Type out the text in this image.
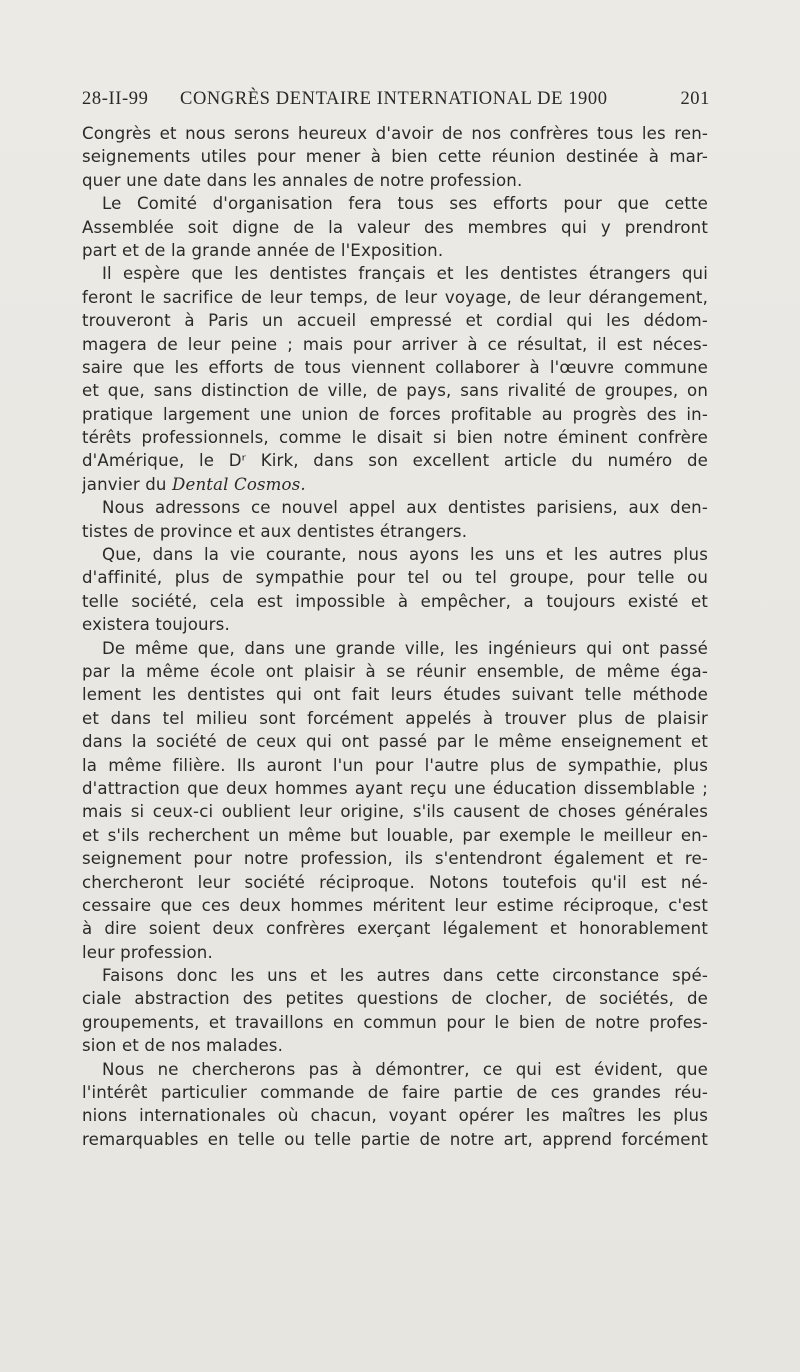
28-II-99 CONGRÈS DENTAIRE INTERNATIONAL DE 1900	201
Congrès et nous serons heureux d'avoir de nos confrères tous les ren-
seignements utiles pour mener à bien cette réunion destinée à mar-
quer une date dans les annales de notre profession.
Le Comité d'organisation fera tous ses efforts pour que cette
Assemblée soit digne de la valeur des membres qui y prendront
part et de la grande année de l'Exposition.
Il espère que les dentistes français et les dentistes étrangers qui
feront le sacrifice de leur temps, de leur voyage, de leur dérangement,
trouveront à Paris un accueil empressé et cordial qui les dédom-
magera de leur peine ; mais pour arriver à ce résultat, il est néces-
saire que les efforts de tous viennent collaborer à l'œuvre commune
et que, sans distinction de ville, de pays, sans rivalité de groupes, on
pratique largement une union de forces profitable au progrès des in-
térêts professionnels, comme le disait si bien notre éminent confrère
d'Amérique, le Dʳ Kirk, dans son excellent article du numéro de
janvier du Dental Cosmos.
Nous adressons ce nouvel appel aux dentistes parisiens, aux den-
tistes de province et aux dentistes étrangers.
Que, dans la vie courante, nous ayons les uns et les autres plus
d'affinité, plus de sympathie pour tel ou tel groupe, pour telle ou
telle société, cela est impossible à empêcher, a toujours existé et
existera toujours.
De même que, dans une grande ville, les ingénieurs qui ont passé
par la même école ont plaisir à se réunir ensemble, de même éga-
lement les dentistes qui ont fait leurs études suivant telle méthode
et dans tel milieu sont forcément appelés à trouver plus de plaisir
dans la société de ceux qui ont passé par le même enseignement et
la même filière. Ils auront l'un pour l'autre plus de sympathie, plus
d'attraction que deux hommes ayant reçu une éducation dissemblable ;
mais si ceux-ci oublient leur origine, s'ils causent de choses générales
et s'ils recherchent un même but louable, par exemple le meilleur en-
seignement pour notre profession, ils s'entendront également et re-
chercheront leur société réciproque. Notons toutefois qu'il est né-
cessaire que ces deux hommes méritent leur estime réciproque, c'est
à dire soient deux confrères exerçant légalement et honorablement
leur profession.
Faisons donc les uns et les autres dans cette circonstance spé-
ciale abstraction des petites questions de clocher, de sociétés, de
groupements, et travaillons en commun pour le bien de notre profes-
sion et de nos malades.
Nous ne chercherons pas à démontrer, ce qui est évident, que
l'intérêt particulier commande de faire partie de ces grandes réu-
nions internationales où chacun, voyant opérer les maîtres les plus
remarquables en telle ou telle partie de notre art, apprend forcément
